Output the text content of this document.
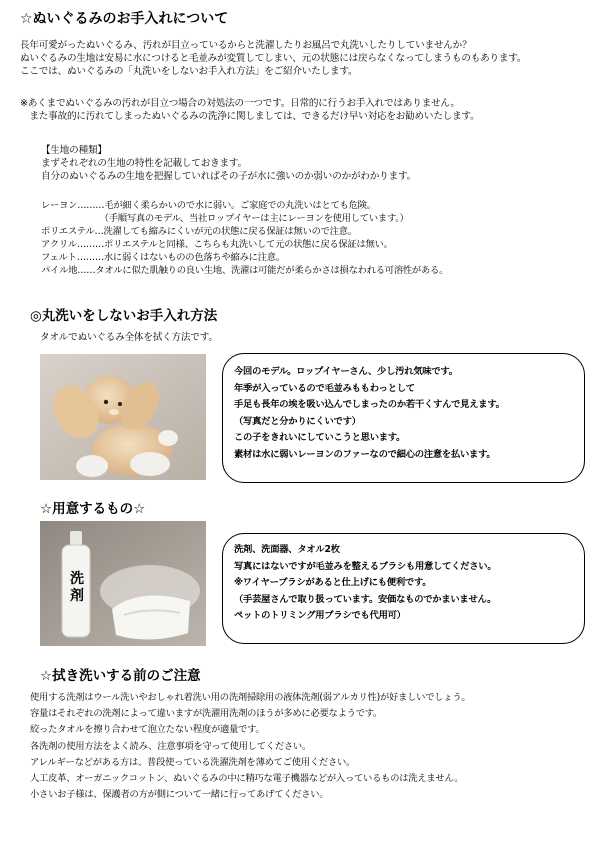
☆ぬいぐるみのお手入れについて
長年可愛がったぬいぐるみ、汚れが目立っているからと洗濯したりお風呂で丸洗いしたりしていませんか？
ぬいぐるみの生地は安易に水につけると毛並みが変質してしまい、元の状態には戻らなくなってしまうものもあります。
ここでは、ぬいぐるみの「丸洗いをしないお手入れ方法」をご紹介いたします。
※あくまでぬいぐるみの汚れが目立つ場合の対処法の一つです。日常的に行うお手入れではありません。
　また事故的に汚れてしまったぬいぐるみの洗浄に関しましては、できるだけ早い対応をお勧めいたします。
【生地の種類】
まずそれぞれの生地の特性を記載しておきます。
自分のぬいぐるみの生地を把握していればその子が水に強いのか弱いのかがわかります。
レーヨン………毛が細く柔らかいので水に弱い。ご家庭での丸洗いはとても危険。
　　　　　　　（手順写真のモデル、当社ロップイヤーは主にレーヨンを使用しています。）
ポリエステル…洗濯しても縮みにくいが元の状態に戻る保証は無いので注意。
アクリル………ポリエステルと同様、こちらも丸洗いして元の状態に戻る保証は無い。
フェルト………水に弱くはないものの色落ちや縮みに注意。
パイル地……タオルに似た肌触りの良い生地、洗濯は可能だが柔らかさは損なわれる可溶性がある。
◎丸洗いをしないお手入れ方法
タオルでぬいぐるみ全体を拭く方法です。
今回のモデル。ロップイヤーさん、少し汚れ気味です。
年季が入っているので毛並みももわっとして
手足も長年の埃を吸い込んでしまったのか若干くすんで見えます。
（写真だと分かりにくいです）
この子をきれいにしていこうと思います。
素材は水に弱いレーヨンのファーなので細心の注意を払います。
☆用意するもの☆
洗剤
洗剤、洗面器、タオル2枚
写真にはないですが毛並みを整えるブラシも用意してください。
※ワイヤーブラシがあると仕上げにも便利です。
（手芸屋さんで取り扱っています。安価なものでかまいません。
ペットのトリミング用ブラシでも代用可）
☆拭き洗いする前のご注意
使用する洗剤はウール洗いやおしゃれ着洗い用の洗剤掃除用の液体洗剤(弱アルカリ性)が好ましいでしょう。
容量はそれぞれの洗剤によって違いますが洗濯用洗剤のほうが多めに必要なようです。
絞ったタオルを擦り合わせて泡立たない程度が適量です。
各洗剤の使用方法をよく読み、注意事項を守って使用してください。
アレルギーなどがある方は、普段使っている洗濯洗剤を薄めてご使用ください。
人工皮革、オーガニックコットン、ぬいぐるみの中に精巧な電子機器などが入っているものは洗えません。
小さいお子様は、保護者の方が側について一緒に行ってあげてください。
